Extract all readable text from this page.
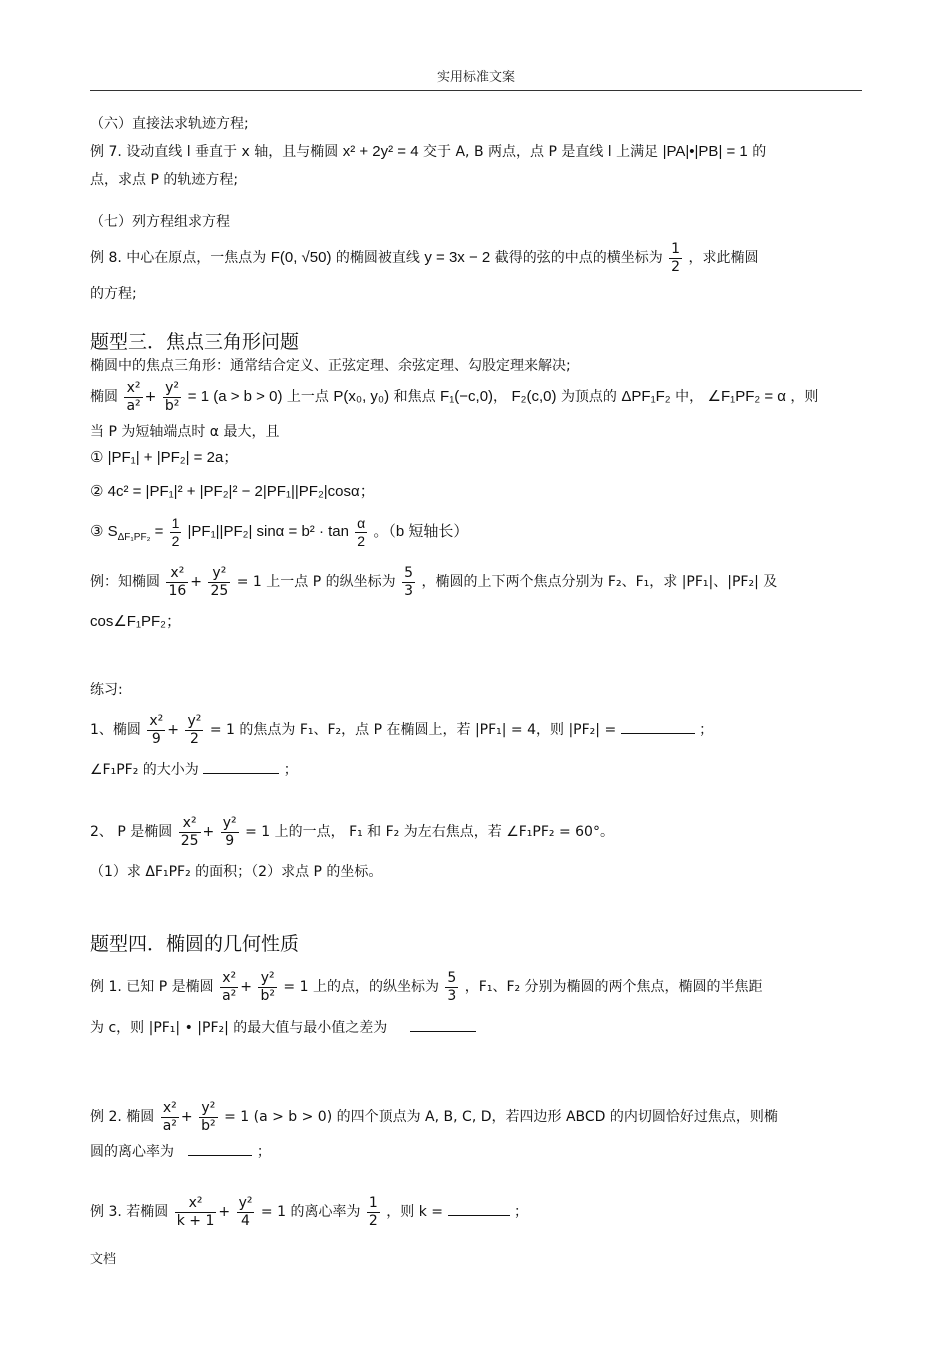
实用标准文案
（六）直接法求轨迹方程;
例 7. 设动直线 l 垂直于 x 轴，且与椭圆 x² + 2y² = 4 交于 A, B 两点，点 P 是直线 l 上满足 |PA|•|PB| = 1 的
点，求点 P 的轨迹方程;
（七）列方程组求方程
例 8. 中心在原点，一焦点为 F(0, √50) 的椭圆被直线 y = 3x − 2 截得的弦的中点的横坐标为 $\frac{1}{2}$ ，求此椭圆
的方程;
题型三．焦点三角形问题
椭圆中的焦点三角形：通常结合定义、正弦定理、余弦定理、勾股定理来解决;
椭圆 $\frac{\text{x²}}{\text{a²}} + \frac{\text{y²}}{\text{b²}} = 1$ (a > b > 0) 上一点 P(x₀, y₀) 和焦点 F₁(−c,0)， F₂(c,0) 为顶点的 ΔPF₁F₂ 中， ∠F₁PF₂ = α ，则
当 P 为短轴端点时 α 最大，且
① |PF₁| + |PF₂| = 2a；
② 4c² = |PF₁|² + |PF₂|² − 2|PF₁||PF₂|cosα；
③ $S_{\Delta F_1PF_2} = \frac{1}{2} |PF_1||PF_2|$ $\sin\alpha = b^2 \cdot \tan \frac{\alpha}{2}$ 。（b 短轴长）
例：知椭圆 $\frac{\text{x²}}{16} + \frac{\text{y²}}{25} = 1$ 上一点 P 的纵坐标为 $\frac{5}{3}$ ，椭圆的上下两个焦点分别为 F₂、F₁，求 |PF₁|、|PF₂| 及
cos∠F₁PF₂；
练习:
1、椭圆 $\frac{\text{x²}}{9} + \frac{\text{y²}}{2} = 1$ 的焦点为 F₁、F₂，点 P 在椭圆上，若 |PF₁| = 4，则 |PF₂| =	；
∠F₁PF₂ 的大小为	；
2、 P 是椭圆 $\frac{\text{x²}}{25} + \frac{\text{y²}}{9} = 1$ 上的一点， F₁ 和 F₂ 为左右焦点，若 ∠F₁PF₂ = 60°。
（1）求 ΔF₁PF₂ 的面积；（2）求点 P 的坐标。
题型四．椭圆的几何性质
例 1. 已知 P 是椭圆 $\frac{\text{x²}}{\text{a²}} + \frac{\text{y²}}{\text{b²}} = 1$ 上的点，的纵坐标为 $\frac{5}{3}$ ，F₁、F₂ 分别为椭圆的两个焦点，椭圆的半焦距
为 c，则 |PF₁| • |PF₂| 的最大值与最小值之差为
例 2. 椭圆 $\frac{\text{x²}}{\text{a²}} + \frac{\text{y²}}{\text{b²}} = 1$ (a > b > 0) 的四个顶点为 A, B, C, D，若四边形 ABCD 的内切圆恰好过焦点，则椭
圆的离心率为	；
例 3. 若椭圆 $\frac{\text{x²}}{k + 1} + \frac{\text{y²}}{4} = 1$ 的离心率为 $\frac{1}{2}$ ，则 k =	；
文档
